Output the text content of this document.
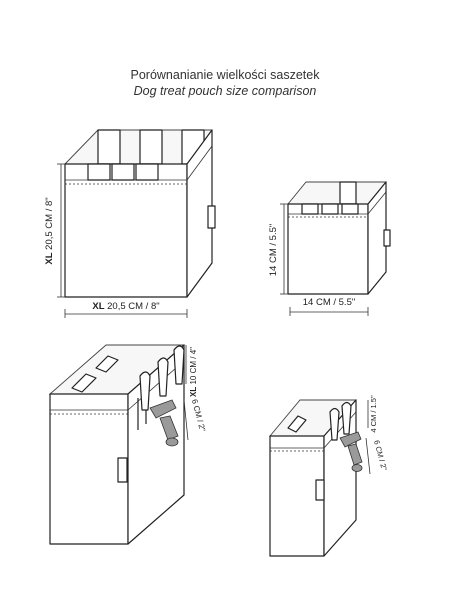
Porównanianie wielkości saszetek
Dog treat pouch size comparison
XL 20,5 CM / 8"
XL 20,5 CM / 8"
14 CM / 5.5"
14 CM / 5.5"
XL 10 CM / 4"
6 CM / 2"	4 CM / 1.5"
6 CM / 2"
